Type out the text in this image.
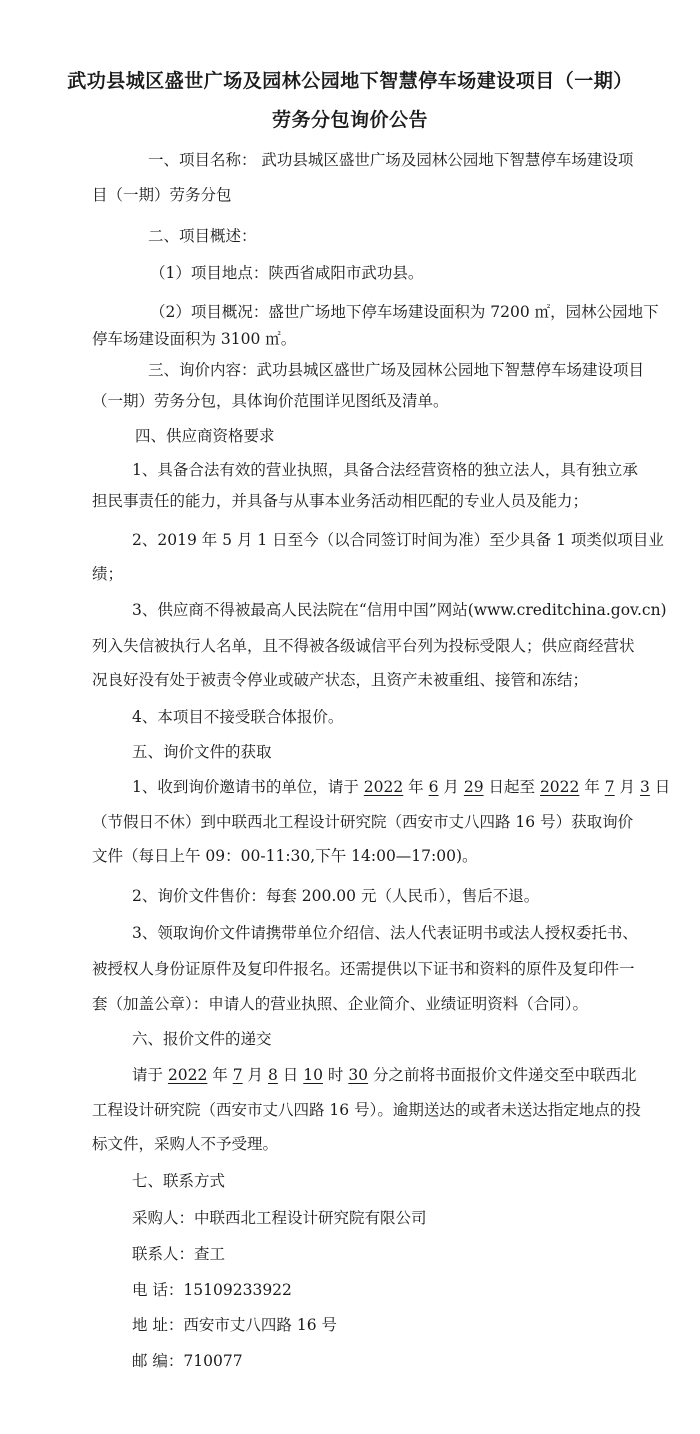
武功县城区盛世广场及园林公园地下智慧停车场建设项目（一期）
劳务分包询价公告
一、项目名称： 武功县城区盛世广场及园林公园地下智慧停车场建设项
目（一期）劳务分包
二、项目概述：
（1）项目地点：陕西省咸阳市武功县。
（2）项目概况：盛世广场地下停车场建设面积为 7200 ㎡，园林公园地下
停车场建设面积为 3100 ㎡。
三、询价内容：武功县城区盛世广场及园林公园地下智慧停车场建设项目
（一期）劳务分包，具体询价范围详见图纸及清单。
四、供应商资格要求
1、具备合法有效的营业执照，具备合法经营资格的独立法人，具有独立承
担民事责任的能力，并具备与从事本业务活动相匹配的专业人员及能力；
2、2019 年 5 月 1 日至今（以合同签订时间为准）至少具备 1 项类似项目业
绩；
3、供应商不得被最高人民法院在“信用中国”网站(www.creditchina.gov.cn)
列入失信被执行人名单，且不得被各级诚信平台列为投标受限人；供应商经营状
况良好没有处于被责令停业或破产状态，且资产未被重组、接管和冻结；
4、本项目不接受联合体报价。
五、询价文件的获取
1、收到询价邀请书的单位，请于 2022 年 6 月 29 日起至 2022 年 7 月 3 日
（节假日不休）到中联西北工程设计研究院（西安市丈八四路 16 号）获取询价
文件（每日上午 09：00-11:30,下午 14:00—17:00)。
2、询价文件售价：每套 200.00 元（人民币），售后不退。
3、领取询价文件请携带单位介绍信、法人代表证明书或法人授权委托书、
被授权人身份证原件及复印件报名。还需提供以下证书和资料的原件及复印件一
套（加盖公章）：申请人的营业执照、企业简介、业绩证明资料（合同）。
六、报价文件的递交
请于 2022 年 7 月 8 日 10 时 30 分之前将书面报价文件递交至中联西北
工程设计研究院（西安市丈八四路 16 号）。逾期送达的或者未送达指定地点的投
标文件，采购人不予受理。
七、联系方式
采购人：中联西北工程设计研究院有限公司
联系人：查工
电 话：15109233922
地 址：西安市丈八四路 16 号
邮 编：710077
